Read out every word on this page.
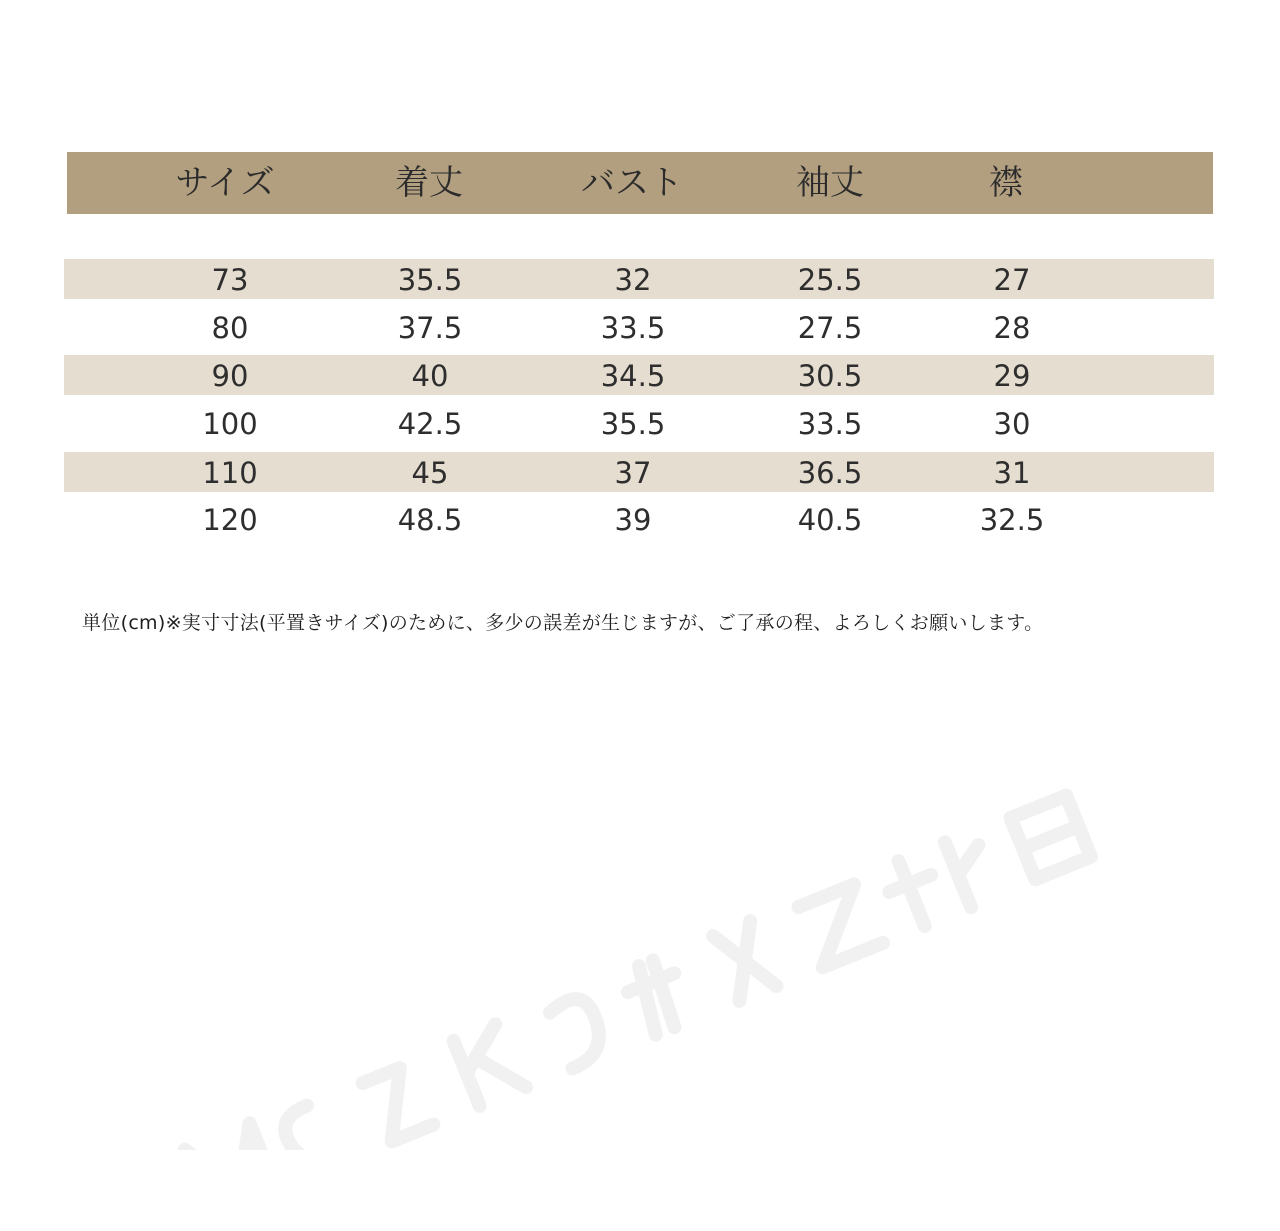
サイズ	着丈	バスト	袖丈	襟
73	35.5	32	25.5	27
80	37.5	33.5	27.5	28
90	40	34.5	30.5	29
100	42.5	35.5	33.5	30
110	45	37	36.5	31
120	48.5	39	40.5	32.5
単位(cm)※実寸寸法(平置きサイズ)のために、多少の誤差が生じますが、ご了承の程、よろしくお願いします。
